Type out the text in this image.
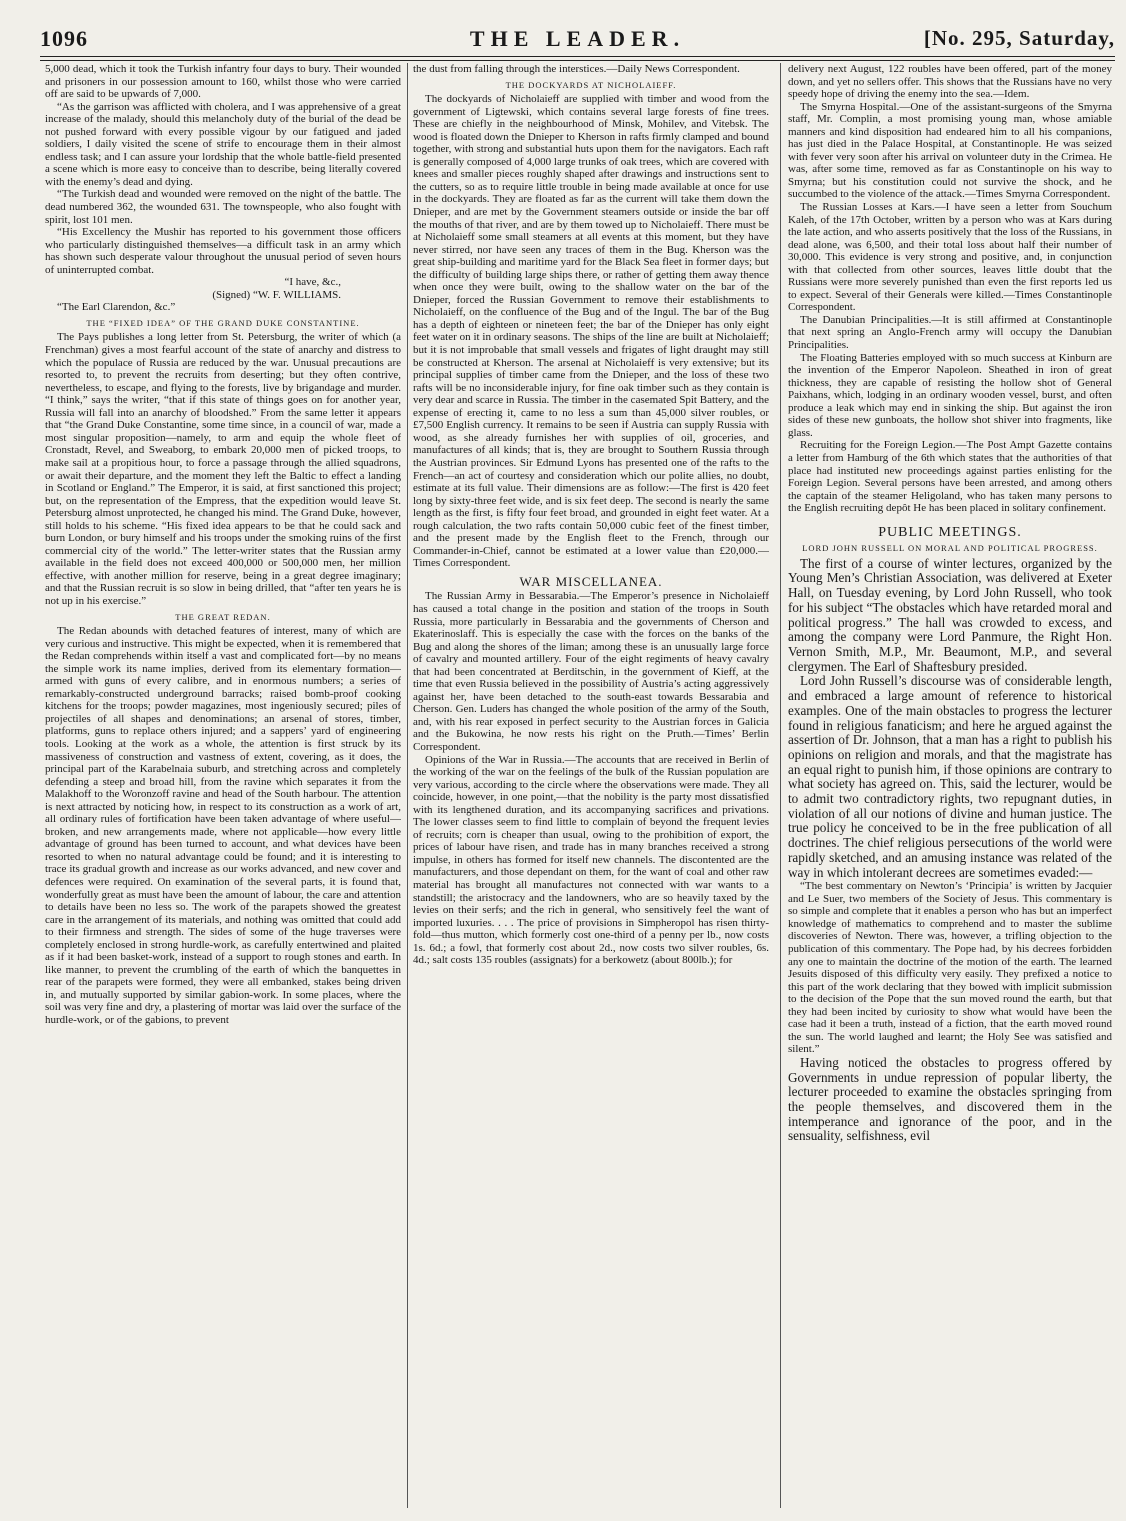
1096	THE LEADER.	[No. 295, Saturday,

5,000 dead, which it took the Turkish infantry four days to bury. Their wounded and prisoners in our possession amount to 160, whilst those who were carried off are said to be upwards of 7,000.

“As the garrison was afflicted with cholera, and I was apprehensive of a great increase of the malady, should this melancholy duty of the burial of the dead be not pushed forward with every possible vigour by our fatigued and jaded soldiers, I daily visited the scene of strife to encourage them in their almost endless task; and I can assure your lordship that the whole battle-field presented a scene which is more easy to conceive than to describe, being literally covered with the enemy’s dead and dying.

“The Turkish dead and wounded were removed on the night of the battle. The dead numbered 362, the wounded 631. The townspeople, who also fought with spirit, lost 101 men.

“His Excellency the Mushir has reported to his government those officers who particularly distinguished themselves—a difficult task in an army which has shown such desperate valour throughout the unusual period of seven hours of uninterrupted combat.

“I have, &c.,

(Signed) “W. F. WILLIAMS.

“The Earl Clarendon, &c.”

THE “FIXED IDEA” OF THE GRAND DUKE CONSTANTINE.

The Pays publishes a long letter from St. Petersburg, the writer of which (a Frenchman) gives a most fearful account of the state of anarchy and distress to which the populace of Russia are reduced by the war. Unusual precautions are resorted to, to prevent the recruits from deserting; but they often contrive, nevertheless, to escape, and flying to the forests, live by brigandage and murder. “I think,” says the writer, “that if this state of things goes on for another year, Russia will fall into an anarchy of bloodshed.” From the same letter it appears that “the Grand Duke Constantine, some time since, in a council of war, made a most singular proposition—namely, to arm and equip the whole fleet of Cronstadt, Revel, and Sweaborg, to embark 20,000 men of picked troops, to make sail at a propitious hour, to force a passage through the allied squadrons, or await their departure, and the moment they left the Baltic to effect a landing in Scotland or England.” The Emperor, it is said, at first sanctioned this project; but, on the representation of the Empress, that the expedition would leave St. Petersburg almost unprotected, he changed his mind. The Grand Duke, however, still holds to his scheme. “His fixed idea appears to be that he could sack and burn London, or bury himself and his troops under the smoking ruins of the first commercial city of the world.” The letter-writer states that the Russian army available in the field does not exceed 400,000 or 500,000 men, her million effective, with another million for reserve, being in a great degree imaginary; and that the Russian recruit is so slow in being drilled, that “after ten years he is not up in his exercise.”

THE GREAT REDAN.

The Redan abounds with detached features of interest, many of which are very curious and instructive. This might be expected, when it is remembered that the Redan comprehends within itself a vast and complicated fort—by no means the simple work its name implies, derived from its elementary formation—armed with guns of every calibre, and in enormous numbers; a series of remarkably-constructed underground barracks; raised bomb-proof cooking kitchens for the troops; powder magazines, most ingeniously secured; piles of projectiles of all shapes and denominations; an arsenal of stores, timber, platforms, guns to replace others injured; and a sappers’ yard of engineering tools. Looking at the work as a whole, the attention is first struck by its massiveness of construction and vastness of extent, covering, as it does, the principal part of the Karabelnaia suburb, and stretching across and completely defending a steep and broad hill, from the ravine which separates it from the Malakhoff to the Woronzoff ravine and head of the South harbour. The attention is next attracted by noticing how, in respect to its construction as a work of art, all ordinary rules of fortification have been taken advantage of where useful—broken, and new arrangements made, where not applicable—how every little advantage of ground has been turned to account, and what devices have been resorted to when no natural advantage could be found; and it is interesting to trace its gradual growth and increase as our works advanced, and new cover and defences were required. On examination of the several parts, it is found that, wonderfully great as must have been the amount of labour, the care and attention to details have been no less so. The work of the parapets showed the greatest care in the arrangement of its materials, and nothing was omitted that could add to their firmness and strength. The sides of some of the huge traverses were completely enclosed in strong hurdle-work, as carefully entertwined and plaited as if it had been basket-work, instead of a support to rough stones and earth. In like manner, to prevent the crumbling of the earth of which the banquettes in rear of the parapets were formed, they were all embanked, stakes being driven in, and mutually supported by similar gabion-work. In some places, where the soil was very fine and dry, a plastering of mortar was laid over the surface of the hurdle-work, or of the gabions, to prevent

the dust from falling through the interstices.—Daily News Correspondent.

THE DOCKYARDS AT NICHOLAIEFF.

The dockyards of Nicholaieff are supplied with timber and wood from the government of Ligtewski, which contains several large forests of fine trees. These are chiefly in the neighbourhood of Minsk, Mohilev, and Vitebsk. The wood is floated down the Dnieper to Kherson in rafts firmly clamped and bound together, with strong and substantial huts upon them for the navigators. Each raft is generally composed of 4,000 large trunks of oak trees, which are covered with knees and smaller pieces roughly shaped after drawings and instructions sent to the cutters, so as to require little trouble in being made available at once for use in the dockyards. They are floated as far as the current will take them down the Dnieper, and are met by the Government steamers outside or inside the bar off the mouths of that river, and are by them towed up to Nicholaieff. There must be at Nicholaieff some small steamers at all events at this moment, but they have never stirred, nor have seen any traces of them in the Bug. Kherson was the great ship-building and maritime yard for the Black Sea fleet in former days; but the difficulty of building large ships there, or rather of getting them away thence when once they were built, owing to the shallow water on the bar of the Dnieper, forced the Russian Government to remove their establishments to Nicholaieff, on the confluence of the Bug and of the Ingul. The bar of the Bug has a depth of eighteen or nineteen feet; the bar of the Dnieper has only eight feet water on it in ordinary seasons. The ships of the line are built at Nicholaieff; but it is not improbable that small vessels and frigates of light draught may still be constructed at Kherson. The arsenal at Nicholaieff is very extensive; but its principal supplies of timber came from the Dnieper, and the loss of these two rafts will be no inconsiderable injury, for fine oak timber such as they contain is very dear and scarce in Russia. The timber in the casemated Spit Battery, and the expense of erecting it, came to no less a sum than 45,000 silver roubles, or £7,500 English currency. It remains to be seen if Austria can supply Russia with wood, as she already furnishes her with supplies of oil, groceries, and manufactures of all kinds; that is, they are brought to Southern Russia through the Austrian provinces. Sir Edmund Lyons has presented one of the rafts to the French—an act of courtesy and consideration which our polite allies, no doubt, estimate at its full value. Their dimensions are as follow:—The first is 420 feet long by sixty-three feet wide, and is six feet deep. The second is nearly the same length as the first, is fifty four feet broad, and grounded in eight feet water. At a rough calculation, the two rafts contain 50,000 cubic feet of the finest timber, and the present made by the English fleet to the French, through our Commander-in-Chief, cannot be estimated at a lower value than £20,000.—Times Correspondent.

WAR MISCELLANEA.

The Russian Army in Bessarabia.—The Emperor’s presence in Nicholaieff has caused a total change in the position and station of the troops in South Russia, more particularly in Bessarabia and the governments of Cherson and Ekaterinoslaff. This is especially the case with the forces on the banks of the Bug and along the shores of the liman; among these is an unusually large force of cavalry and mounted artillery. Four of the eight regiments of heavy cavalry that had been concentrated at Berditschin, in the government of Kieff, at the time that even Russia believed in the possibility of Austria’s acting aggressively against her, have been detached to the south-east towards Bessarabia and Cherson. Gen. Luders has changed the whole position of the army of the South, and, with his rear exposed in perfect security to the Austrian forces in Galicia and the Bukowina, he now rests his right on the Pruth.—Times’ Berlin Correspondent.

Opinions of the War in Russia.—The accounts that are received in Berlin of the working of the war on the feelings of the bulk of the Russian population are very various, according to the circle where the observations were made. They all coincide, however, in one point,—that the nobility is the party most dissatisfied with its lengthened duration, and its accompanying sacrifices and privations. The lower classes seem to find little to complain of beyond the frequent levies of recruits; corn is cheaper than usual, owing to the prohibition of export, the prices of labour have risen, and trade has in many branches received a strong impulse, in others has formed for itself new channels. The discontented are the manufacturers, and those dependant on them, for the want of coal and other raw material has brought all manufactures not connected with war wants to a standstill; the aristocracy and the landowners, who are so heavily taxed by the levies on their serfs; and the rich in general, who sensitively feel the want of imported luxuries. . . . The price of provisions in Simpheropol has risen thirty-fold—thus mutton, which formerly cost one-third of a penny per lb., now costs 1s. 6d.; a fowl, that formerly cost about 2d., now costs two silver roubles, 6s. 4d.; salt costs 135 roubles (assignats) for a berkowetz (about 800lb.); for

delivery next August, 122 roubles have been offered, part of the money down, and yet no sellers offer. This shows that the Russians have no very speedy hope of driving the enemy into the sea.—Idem.

The Smyrna Hospital.—One of the assistant-surgeons of the Smyrna staff, Mr. Complin, a most promising young man, whose amiable manners and kind disposition had endeared him to all his companions, has just died in the Palace Hospital, at Constantinople. He was seized with fever very soon after his arrival on volunteer duty in the Crimea. He was, after some time, removed as far as Constantinople on his way to Smyrna; but his constitution could not survive the shock, and he succumbed to the violence of the attack.—Times Smyrna Correspondent.

The Russian Losses at Kars.—I have seen a letter from Souchum Kaleh, of the 17th October, written by a person who was at Kars during the late action, and who asserts positively that the loss of the Russians, in dead alone, was 6,500, and their total loss about half their number of 30,000. This evidence is very strong and positive, and, in conjunction with that collected from other sources, leaves little doubt that the Russians were more severely punished than even the first reports led us to expect. Several of their Generals were killed.—Times Constantinople Correspondent.

The Danubian Principalities.—It is still affirmed at Constantinople that next spring an Anglo-French army will occupy the Danubian Principalities.

The Floating Batteries employed with so much success at Kinburn are the invention of the Emperor Napoleon. Sheathed in iron of great thickness, they are capable of resisting the hollow shot of General Paixhans, which, lodging in an ordinary wooden vessel, burst, and often produce a leak which may end in sinking the ship. But against the iron sides of these new gunboats, the hollow shot shiver into fragments, like glass.

Recruiting for the Foreign Legion.—The Post Ampt Gazette contains a letter from Hamburg of the 6th which states that the authorities of that place had instituted new proceedings against parties enlisting for the Foreign Legion. Several persons have been arrested, and among others the captain of the steamer Heligoland, who has taken many persons to the English recruiting depôt He has been placed in solitary confinement.

PUBLIC MEETINGS.
LORD JOHN RUSSELL ON MORAL AND POLITICAL PROGRESS.

The first of a course of winter lectures, organized by the Young Men’s Christian Association, was delivered at Exeter Hall, on Tuesday evening, by Lord John Russell, who took for his subject “The obstacles which have retarded moral and political progress.” The hall was crowded to excess, and among the company were Lord Panmure, the Right Hon. Vernon Smith, M.P., Mr. Beaumont, M.P., and several clergymen. The Earl of Shaftesbury presided.

Lord John Russell’s discourse was of considerable length, and embraced a large amount of reference to historical examples. One of the main obstacles to progress the lecturer found in religious fanaticism; and here he argued against the assertion of Dr. Johnson, that a man has a right to publish his opinions on religion and morals, and that the magistrate has an equal right to punish him, if those opinions are contrary to what society has agreed on. This, said the lecturer, would be to admit two contradictory rights, two repugnant duties, in violation of all our notions of divine and human justice. The true policy he conceived to be in the free publication of all doctrines. The chief religious persecutions of the world were rapidly sketched, and an amusing instance was related of the way in which intolerant decrees are sometimes evaded:—

“The best commentary on Newton’s ‘Principia’ is written by Jacquier and Le Suer, two members of the Society of Jesus. This commentary is so simple and complete that it enables a person who has but an imperfect knowledge of mathematics to comprehend and to master the sublime discoveries of Newton. There was, however, a trifling objection to the publication of this commentary. The Pope had, by his decrees forbidden any one to maintain the doctrine of the motion of the earth. The learned Jesuits disposed of this difficulty very easily. They prefixed a notice to this part of the work declaring that they bowed with implicit submission to the decision of the Pope that the sun moved round the earth, but that they had been incited by curiosity to show what would have been the case had it been a truth, instead of a fiction, that the earth moved round the sun. The world laughed and learnt; the Holy See was satisfied and silent.”

Having noticed the obstacles to progress offered by Governments in undue repression of popular liberty, the lecturer proceeded to examine the obstacles springing from the people themselves, and discovered them in the intemperance and ignorance of the poor, and in the sensuality, selfishness, evil
